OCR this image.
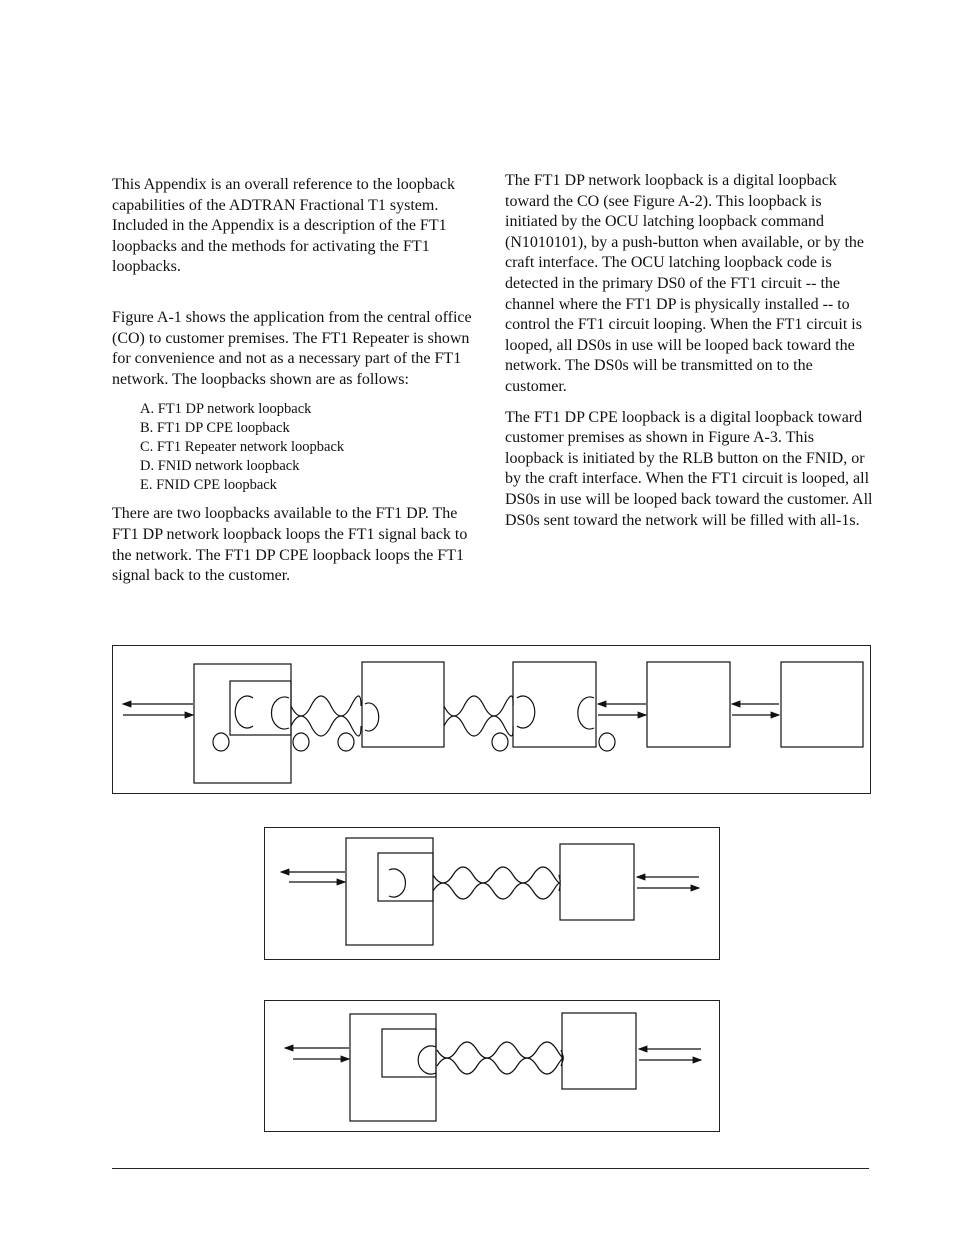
This Appendix is an overall reference to the loopback capabilities of the ADTRAN Fractional T1 system. Included in the Appendix is a description of the FT1 loopbacks and the methods for activating the FT1 loopbacks.

Figure A-1 shows the application from the central office (CO) to customer premises. The FT1 Repeater is shown for convenience and not as a necessary part of the FT1 network. The loopbacks shown are as follows:

A. FT1 DP network loopback
B. FT1 DP CPE loopback
C. FT1 Repeater network loopback
D. FNID network loopback
E. FNID CPE loopback

There are two loopbacks available to the FT1 DP. The FT1 DP network loopback loops the FT1 signal back to the network. The FT1 DP CPE loopback loops the FT1 signal back to the customer.

The FT1 DP network loopback is a digital loopback toward the CO (see Figure A-2). This loopback is initiated by the OCU latching loopback command (N1010101), by a push-button when available, or by the craft interface. The OCU latching loopback code is detected in the primary DS0 of the FT1 circuit -- the channel where the FT1 DP is physically installed -- to control the FT1 circuit looping. When the FT1 circuit is looped, all DS0s in use will be looped back toward the network. The DS0s will be transmitted on to the customer.

The FT1 DP CPE loopback is a digital loopback toward customer premises as shown in Figure A-3. This loopback is initiated by the RLB button on the FNID, or by the craft interface. When the FT1 circuit is looped, all DS0s in use will be looped back toward the customer. All DS0s sent toward the network will be filled with all-1s.
